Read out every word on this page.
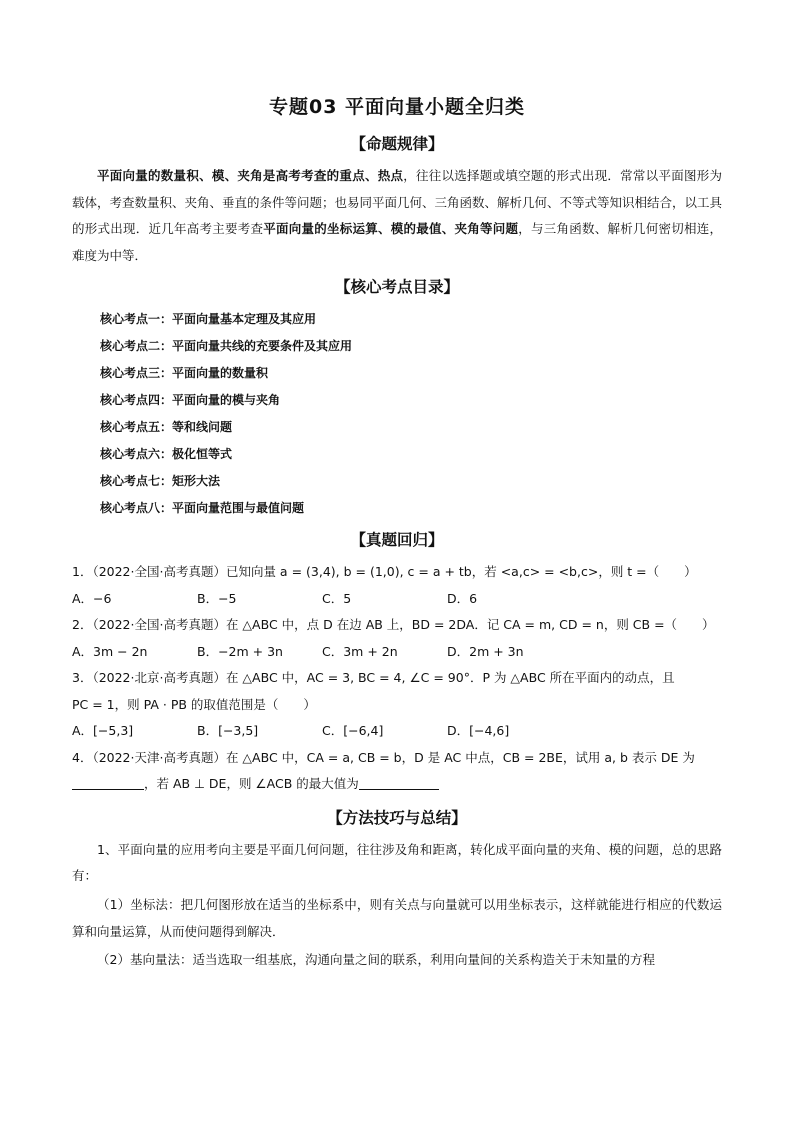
专题03 平面向量小题全归类
【命题规律】

平面向量的数量积、模、夹角是高考考查的重点、热点，往往以选择题或填空题的形式出现．常常以平面图形为载体，考查数量积、夹角、垂直的条件等问题；也易同平面几何、三角函数、解析几何、不等式等知识相结合，以工具的形式出现．近几年高考主要考查平面向量的坐标运算、模的最值、夹角等问题，与三角函数、解析几何密切相连，难度为中等．

【核心考点目录】
核心考点一：平面向量基本定理及其应用
核心考点二：平面向量共线的充要条件及其应用
核心考点三：平面向量的数量积
核心考点四：平面向量的模与夹角
核心考点五：等和线问题
核心考点六：极化恒等式
核心考点七：矩形大法
核心考点八：平面向量范围与最值问题
【真题回归】
1．（2022·全国·高考真题）已知向量 a = (3,4), b = (1,0), c = a + tb，若 <a,c> = <b,c>，则 t =（　　）
A．−6	B．−5	C．5	D．6
2．（2022·全国·高考真题）在 △ABC 中，点 D 在边 AB 上，BD = 2DA．记 CA = m, CD = n，则 CB =（　　）
A．3m − 2n	B．−2m + 3n	C．3m + 2n	D．2m + 3n
3．（2022·北京·高考真题）在 △ABC 中，AC = 3, BC = 4, ∠C = 90°．P 为 △ABC 所在平面内的动点，且
PC = 1，则 PA · PB 的取值范围是（　　）
A．[−5,3]	B．[−3,5]	C．[−6,4]	D．[−4,6]
4．（2022·天津·高考真题）在 △ABC 中，CA = a, CB = b，D 是 AC 中点，CB = 2BE，试用 a, b 表示 DE 为
，若 AB ⊥ DE，则 ∠ACB 的最大值为
【方法技巧与总结】

1、平面向量的应用考向主要是平面几何问题，往往涉及角和距离，转化成平面向量的夹角、模的问题，总的思路有：

（1）坐标法：把几何图形放在适当的坐标系中，则有关点与向量就可以用坐标表示，这样就能进行相应的代数运算和向量运算，从而使问题得到解决．

（2）基向量法：适当选取一组基底，沟通向量之间的联系，利用向量间的关系构造关于未知量的方程
